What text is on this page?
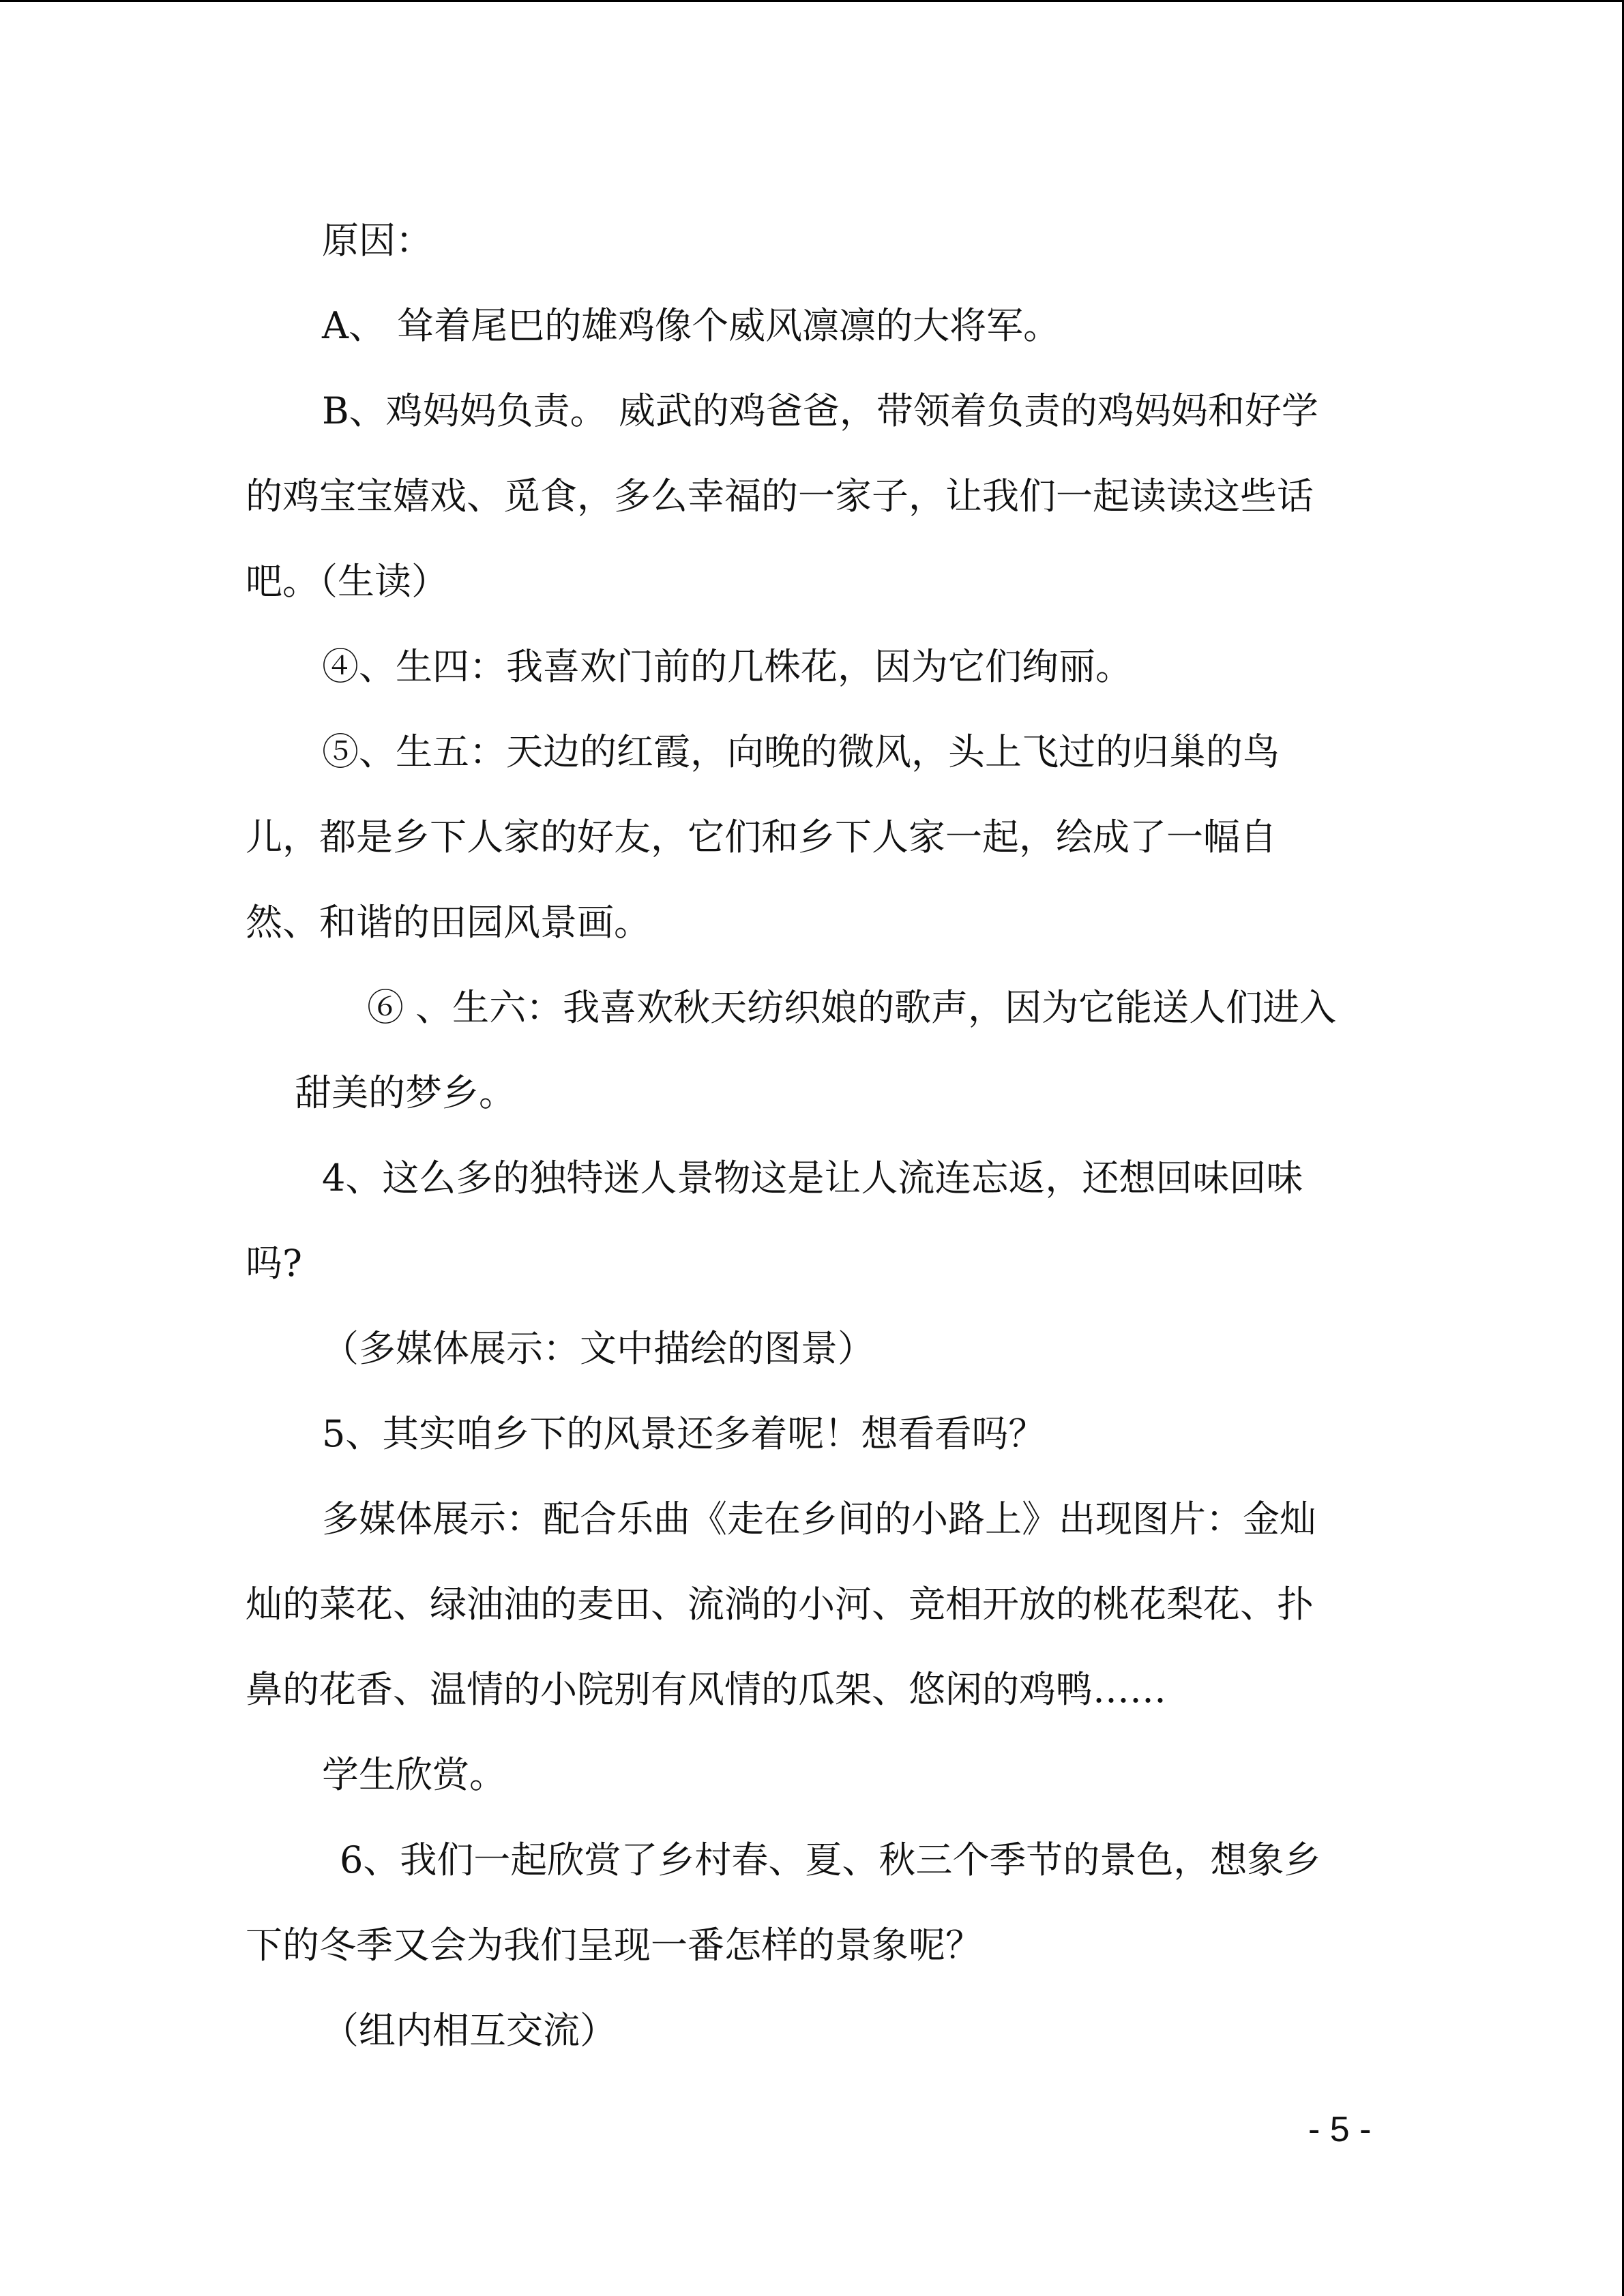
原因：

A、 耸着尾巴的雄鸡像个威风凛凛的大将军。

B、鸡妈妈负责。 威武的鸡爸爸，带领着负责的鸡妈妈和好学

的鸡宝宝嬉戏、觅食，多么幸福的一家子，让我们一起读读这些话

吧。（生读）

④、生四：我喜欢门前的几株花，因为它们绚丽。

⑤、生五：天边的红霞，向晚的微风，头上飞过的归巢的鸟

儿，都是乡下人家的好友，它们和乡下人家一起，绘成了一幅自

然、和谐的田园风景画。

⑥ 、生六：我喜欢秋天纺织娘的歌声，因为它能送人们进入

甜美的梦乡。

4、这么多的独特迷人景物这是让人流连忘返，还想回味回味

吗?

（多媒体展示：文中描绘的图景）

5、其实咱乡下的风景还多着呢！想看看吗？

多媒体展示：配合乐曲《走在乡间的小路上》出现图片：金灿

灿的菜花、绿油油的麦田、流淌的小河、竞相开放的桃花梨花、扑

鼻的花香、温情的小院别有风情的瓜架、悠闲的鸡鸭……

学生欣赏。

6、我们一起欣赏了乡村春、夏、秋三个季节的景色，想象乡

下的冬季又会为我们呈现一番怎样的景象呢？

（组内相互交流）

- 5 -
